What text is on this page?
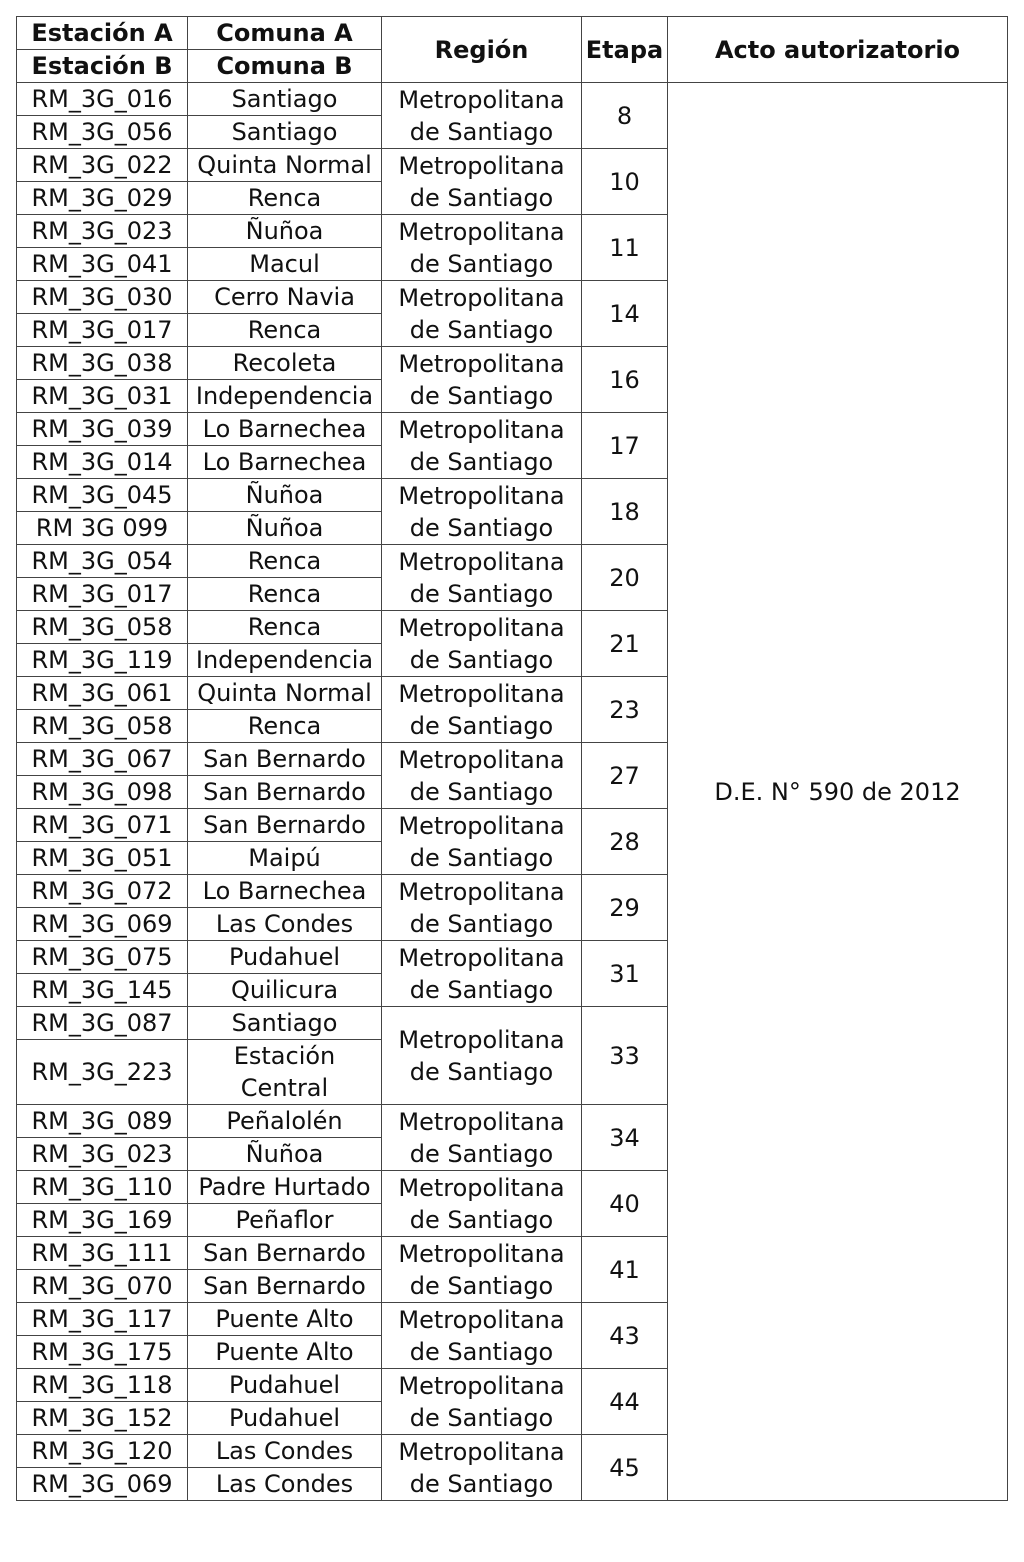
Estación A	Comuna A	Región	Etapa	Acto autorizatorio
Estación B	Comuna B			
RM_3G_016	Santiago	Metropolitana de Santiago	8	D.E. N° 590 de 2012
RM_3G_056	Santiago			
RM_3G_022	Quinta Normal	Metropolitana de Santiago	10	
RM_3G_029	Renca			
RM_3G_023	Ñuñoa	Metropolitana de Santiago	11	
RM_3G_041	Macul			
RM_3G_030	Cerro Navia	Metropolitana de Santiago	14	
RM_3G_017	Renca			
RM_3G_038	Recoleta	Metropolitana de Santiago	16	
RM_3G_031	Independencia			
RM_3G_039	Lo Barnechea	Metropolitana de Santiago	17	
RM_3G_014	Lo Barnechea			
RM_3G_045	Ñuñoa	Metropolitana de Santiago	18	
RM 3G 099	Ñuñoa			
RM_3G_054	Renca	Metropolitana de Santiago	20	
RM_3G_017	Renca			
RM_3G_058	Renca	Metropolitana de Santiago	21	
RM_3G_119	Independencia			
RM_3G_061	Quinta Normal	Metropolitana de Santiago	23	
RM_3G_058	Renca			
RM_3G_067	San Bernardo	Metropolitana de Santiago	27	
RM_3G_098	San Bernardo			
RM_3G_071	San Bernardo	Metropolitana de Santiago	28	
RM_3G_051	Maipú			
RM_3G_072	Lo Barnechea	Metropolitana de Santiago	29	
RM_3G_069	Las Condes			
RM_3G_075	Pudahuel	Metropolitana de Santiago	31	
RM_3G_145	Quilicura			
RM_3G_087	Santiago	Metropolitana de Santiago	33	
RM_3G_223	Estación Central			
RM_3G_089	Peñalolén	Metropolitana de Santiago	34	
RM_3G_023	Ñuñoa			
RM_3G_110	Padre Hurtado	Metropolitana de Santiago	40	
RM_3G_169	Peñaflor			
RM_3G_111	San Bernardo	Metropolitana de Santiago	41	
RM_3G_070	San Bernardo			
RM_3G_117	Puente Alto	Metropolitana de Santiago	43	
RM_3G_175	Puente Alto			
RM_3G_118	Pudahuel	Metropolitana de Santiago	44	
RM_3G_152	Pudahuel			
RM_3G_120	Las Condes	Metropolitana de Santiago	45	
RM_3G_069	Las Condes			
